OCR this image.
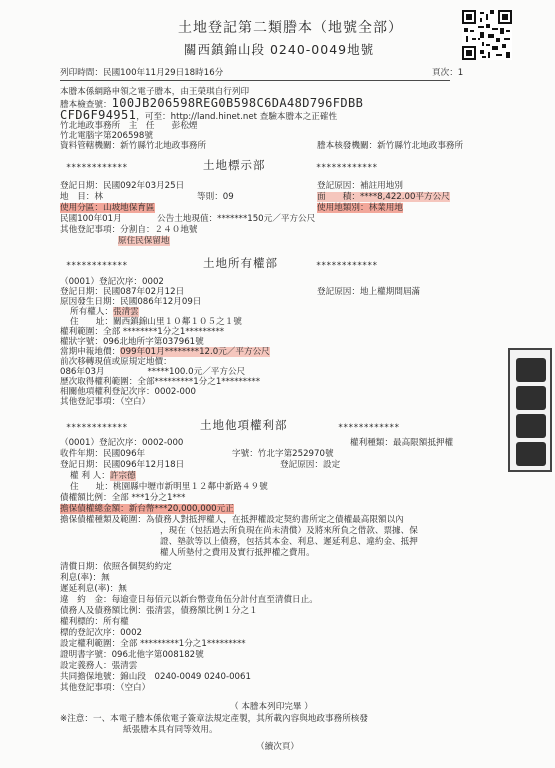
土地登記第二類謄本（地號全部）
關西鎮錦山段 0240-0049地號
列印時間：民國100年11月29日18時16分	頁次：1
本謄本係網路申領之電子謄本，由王榮琪自行列印
謄本檢查號：100JB206598REG0B598C6DA48D796FDBB
CFD6F94951，可至：http://land.hinet.net 查驗本謄本之正確性
竹北地政事務所　主　任　　彭松煙
竹北電腦字第206598號
資料管轄機關：新竹縣竹北地政事務所	謄本核發機關：新竹縣竹北地政事務所
************	土地標示部	************
登記日期：民國092年03月25日	登記原因：補註用地別
地　目：林	等則：09	面　　積：****8,422.00平方公尺
使用分區：山坡地保育區	使用地類別：林業用地
民國100年01月	公告土地現值：*******150元／平方公尺
其他登記事項：分割自：２４０地號
原住民保留地
************	土地所有權部	************
（0001）登記次序：0002
登記日期：民國087年02月12日	登記原因：地上權期間屆滿
原因發生日期：民國086年12月09日
所有權人：張清雲
住　　址：關西鎮錦山里１０鄰１０５之１號
權利範圍：全部 ********1分之1*********
權狀字號：096北地所字第037961號
當期申報地價：099年01月********12.0元／平方公尺
前次移轉現值或原規定地價：
086年03月　　　　　*****100.0元／平方公尺
歷次取得權利範圍：全部*********1分之1*********
相關他項權利登記次序：0002-000
其他登記事項：（空白）
************	土地他項權利部	************
（0001）登記次序：0002-000	權利種類：最高限額抵押權
收件年期：民國096年	字號：竹北字第252970號
登記日期：民國096年12月18日	登記原因：設定
權 利 人：許宗德
住　　址：桃園縣中壢市新明里１２鄰中新路４９號
債權額比例：全部 ***1分之1***
擔保債權總金額：新台幣***20,000,000元正
擔保債權種類及範圍：為債務人對抵押權人，在抵押權設定契約書所定之債權最高限額以內
，現在（包括過去所負現在尚未清償）及將來所負之借款、票據、保
證、墊款等以上債務，包括其本金、利息、遲延利息、違約金、抵押
權人所墊付之費用及實行抵押權之費用。
清償日期：依照各個契約約定
利息(率)：無
遲延利息(率)：無
違　約　金：每逾壹日每佰元以新台幣壹角伍分計付直至清償日止。
債務人及債務額比例：張清雲，債務額比例１分之１
權利標的：所有權
標的登記次序：0002
設定權利範圍：全部 *********1分之1*********
證明書字號：096北他字第008182號
設定義務人：張清雲
共同擔保地號：錦山段　0240-0049 0240-0061
其他登記事項：（空白）
（ 本謄本列印完畢 ）
※注意：一、本電子謄本係依電子簽章法規定產製，其所載內容與地政事務所核發
紙張謄本具有同等效用。
（續次頁）
